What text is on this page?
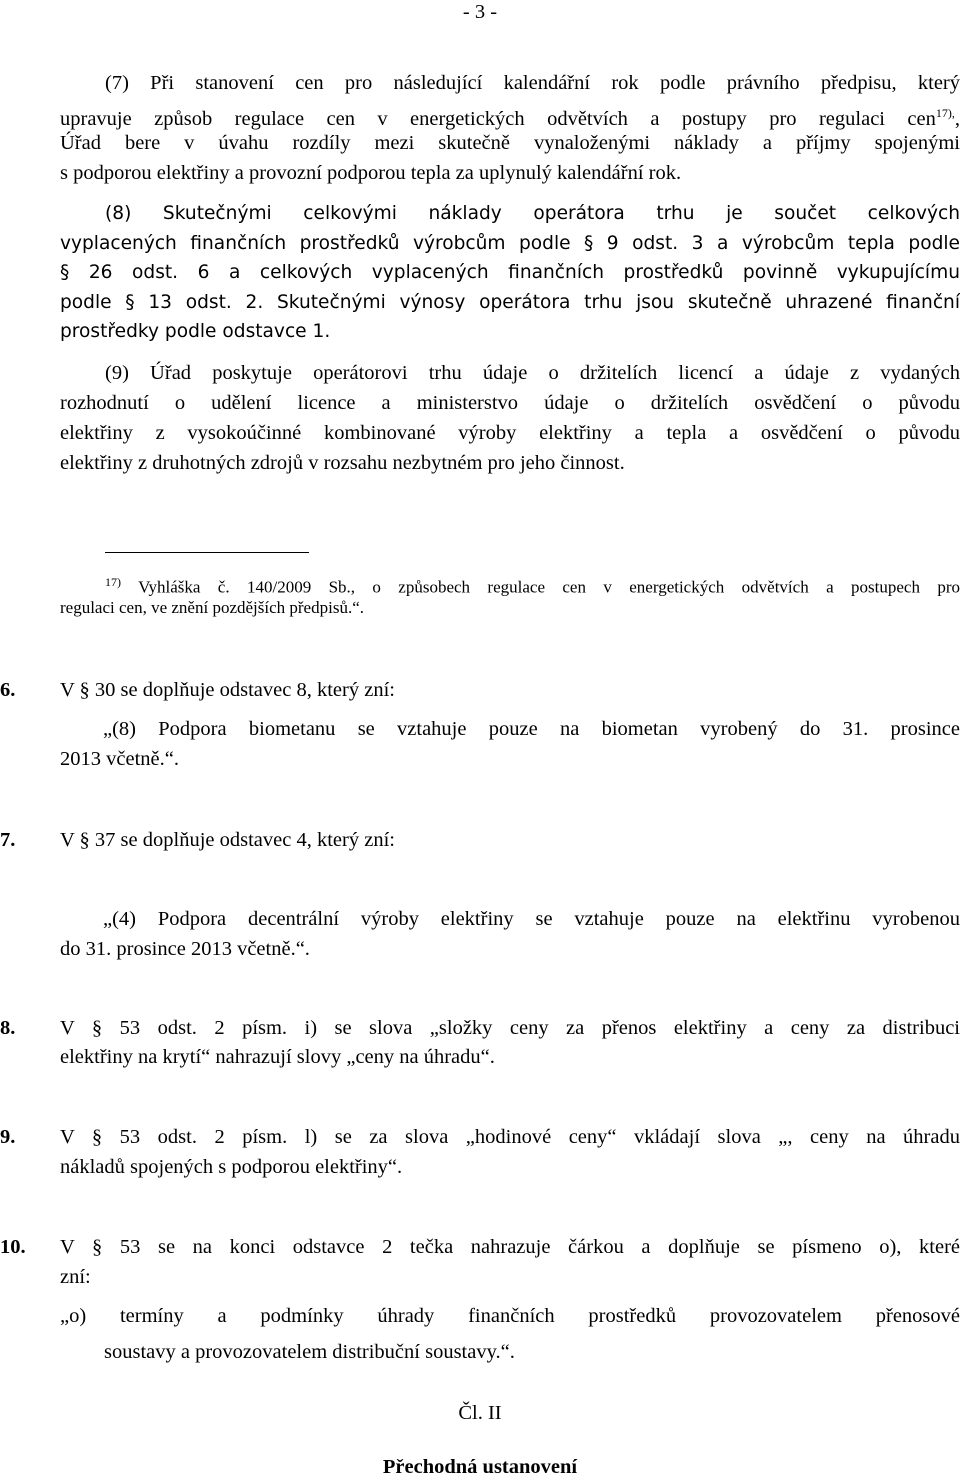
- 3 -
(7) Při stanovení cen pro následující kalendářní rok podle právního předpisu, který
upravuje způsob regulace cen v energetických odvětvích a postupy pro regulaci cen$^{17),}$,
Úřad bere v úvahu rozdíly mezi skutečně vynaloženými náklady a příjmy spojenými
s podporou elektřiny a provozní podporou tepla za uplynulý kalendářní rok.
(8) Skutečnými celkovými náklady operátora trhu je součet celkových
vyplacených finančních prostředků výrobcům podle § 9 odst. 3 a výrobcům tepla podle
§ 26 odst. 6 a celkových vyplacených finančních prostředků povinně vykupujícímu
podle § 13 odst. 2. Skutečnými výnosy operátora trhu jsou skutečně uhrazené finanční
prostředky podle odstavce 1.
(9) Úřad poskytuje operátorovi trhu údaje o držitelích licencí a údaje z vydaných
rozhodnutí o udělení licence a ministerstvo údaje o držitelích osvědčení o původu
elektřiny z vysokoúčinné kombinované výroby elektřiny a tepla a osvědčení o původu
elektřiny z druhotných zdrojů v rozsahu nezbytném pro jeho činnost.
$^{17)}$ Vyhláška č. 140/2009 Sb., o způsobech regulace cen v energetických odvětvích a postupech pro
regulaci cen, ve znění pozdějších předpisů.“.
6.	V § 30 se doplňuje odstavec 8, který zní:
„(8) Podpora biometanu se vztahuje pouze na biometan vyrobený do 31. prosince
2013 včetně.“.
7.	V § 37 se doplňuje odstavec 4, který zní:
„(4) Podpora decentrální výroby elektřiny se vztahuje pouze na elektřinu vyrobenou
do 31. prosince 2013 včetně.“.
8.	V § 53 odst. 2 písm. i) se slova „složky ceny za přenos elektřiny a ceny za distribuci
elektřiny na krytí“ nahrazují slovy „ceny na úhradu“.
9.	V § 53 odst. 2 písm. l) se za slova „hodinové ceny“ vkládají slova „, ceny na úhradu
nákladů spojených s podporou elektřiny“.
10.	V § 53 se na konci odstavce 2 tečka nahrazuje čárkou a doplňuje se písmeno o), které
zní:
„o) termíny a podmínky úhrady finančních prostředků provozovatelem přenosové
soustavy a provozovatelem distribuční soustavy.“.
Čl. II
Přechodná ustanovení
